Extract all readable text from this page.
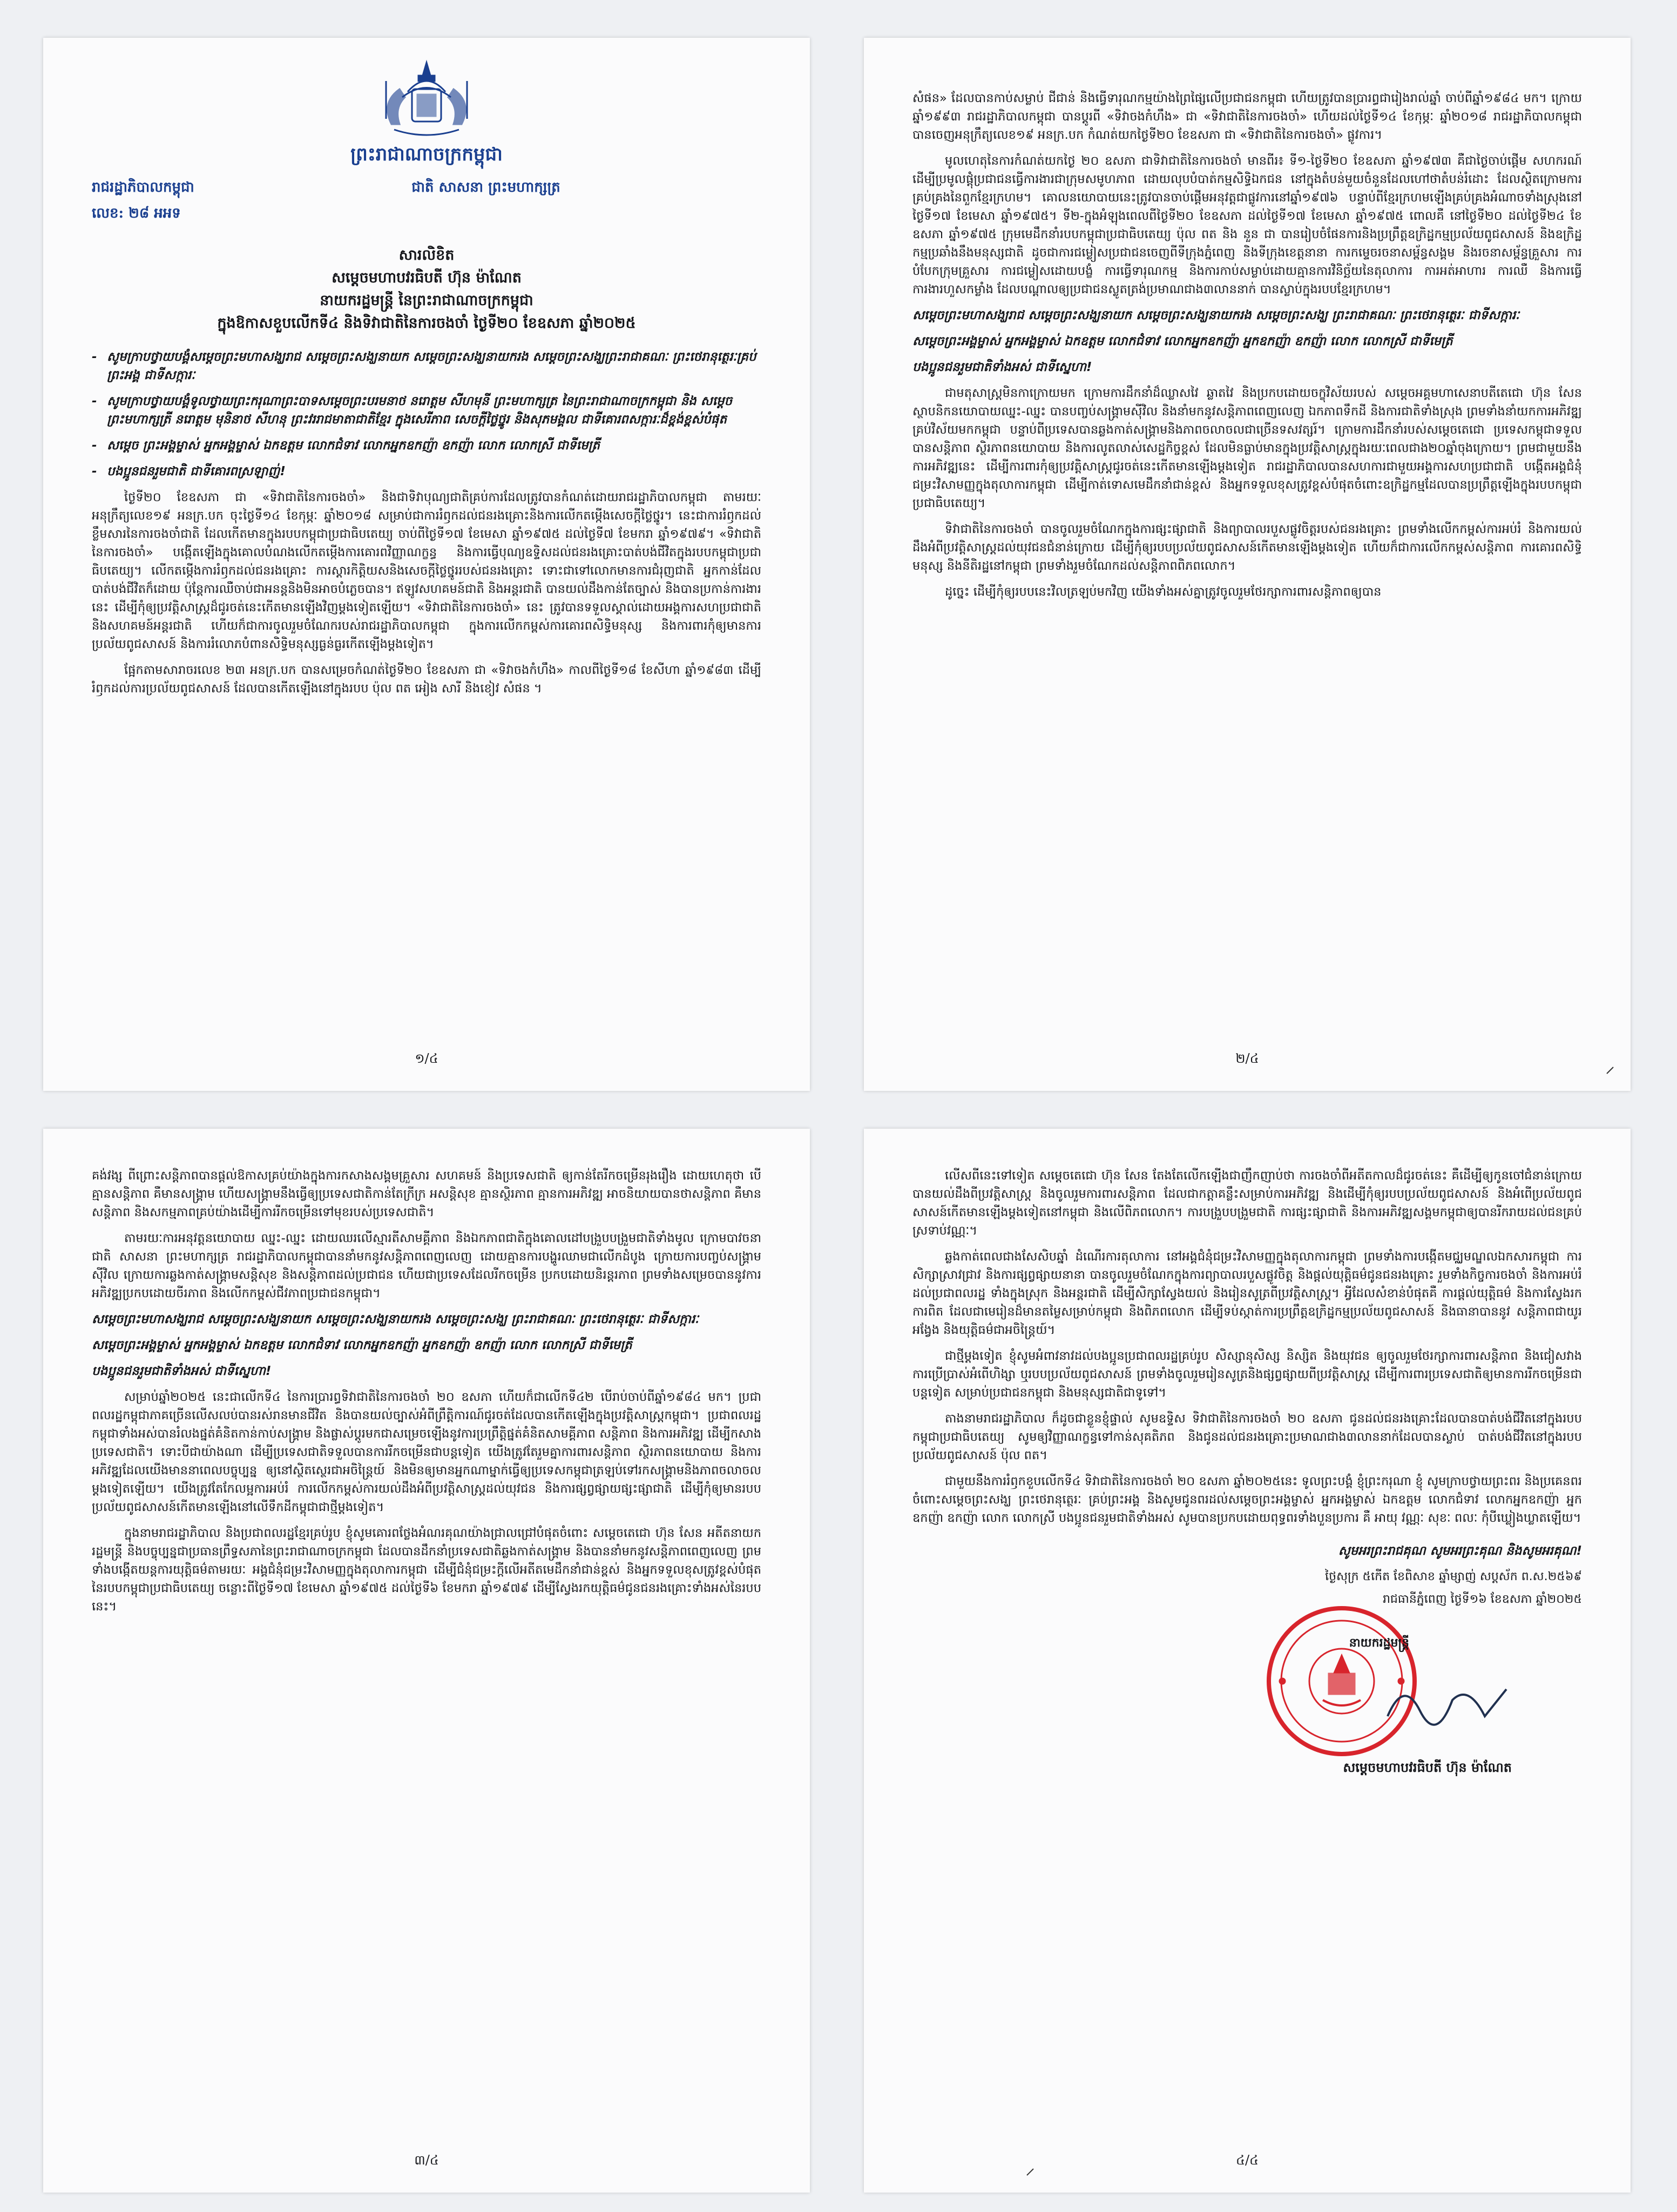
ព្រះរាជាណាចក្រកម្ពុជា
រាជរដ្ឋាភិបាលកម្ពុជា
លេខ: ២៨ អអទ
ជាតិ សាសនា ព្រះមហាក្សត្រ
សារលិខិត
សម្តេចមហាបវរធិបតី ហ៊ុន ម៉ាណែត
នាយករដ្ឋមន្ត្រី នៃព្រះរាជាណាចក្រកម្ពុជា
ក្នុងឱកាសខួបលើកទី៤ និងទិវាជាតិនៃការចងចាំ ថ្ងៃទី២០ ខែឧសភា ឆ្នាំ២០២៥

- សូមក្រាបថ្វាយបង្គំសម្តេចព្រះមហាសង្ឃរាជ សម្តេចព្រះសង្ឃនាយក សម្តេចព្រះសង្ឃនាយករង សម្តេចព្រះសង្ឃព្រះរាជាគណៈ ព្រះថេរានុត្ថេរៈគ្រប់ព្រះអង្គ ជាទីសក្ការៈ

- សូមក្រាបថ្វាយបង្គំទូលថ្វាយព្រះករុណាព្រះបាទសម្តេចព្រះបរមនាថ នរោត្តម សីហមុនី ព្រះមហាក្សត្រ នៃព្រះរាជាណាចក្រកម្ពុជា និង សម្តេចព្រះមហាក្សត្រី នរោត្តម មុនិនាថ សីហនុ ព្រះវររាជមាតាជាតិខ្មែរ ក្នុងសេរីភាព សេចក្តីថ្លៃថ្នូរ និងសុភមង្គល ជាទីគោរពសក្ការៈដ៏ខ្ពង់ខ្ពស់បំផុត

- សម្តេច ព្រះអង្គម្ចាស់ អ្នកអង្គម្ចាស់ ឯកឧត្តម លោកជំទាវ លោកអ្នកឧកញ៉ា ឧកញ៉ា លោក លោកស្រី ជាទីមេត្រី

- បងប្អូនជនរួមជាតិ ជាទីគោរពស្រឡាញ់!

ថ្ងៃទី២០ ខែឧសភា ជា «ទិវាជាតិនៃការចងចាំ» និងជាទិវាបុណ្យជាតិគ្រប់ការដែលត្រូវបានកំណត់ដោយរាជរដ្ឋាភិបាលកម្ពុជា តាមរយៈអនុក្រឹត្យលេខ១៩ អនក្រ.បក ចុះថ្ងៃទី១៤ ខែកុម្ភៈ ឆ្នាំ២០១៨ សម្រាប់ជាការរំឭកដល់ជនរងគ្រោះនិងការលើកតម្កើងសេចក្តីថ្លៃថ្នូរ។ នេះជាការរំឭកដល់ខ្លឹមសារនៃការចងចាំជាតិ ដែលកើតមានក្នុងរបបកម្ពុជាប្រជាធិបតេយ្យ ចាប់ពីថ្ងៃទី១៧ ខែមេសា ឆ្នាំ១៩៧៥ ដល់ថ្ងៃទី៧ ខែមករា ឆ្នាំ១៩៧៩។ «ទិវាជាតិនៃការចងចាំ» បង្កើតឡើងក្នុងគោលបំណងលើកតម្កើងការគោរពវិញ្ញាណក្ខន្ធ និងការធ្វើបុណ្យឧទ្ទិសដល់ជនរងគ្រោះបាត់បង់ជីវិតក្នុងរបបកម្ពុជាប្រជាធិបតេយ្យ។ លើកតម្កើងការរំឭកដល់ជនរងគ្រោះ ការស្តារកិត្តិយសនិងសេចក្តីថ្លៃថ្នូររបស់ជនរងគ្រោះ ទោះជាទៅលោកមានការជំរុញជាតិ អ្នកកាន់ដែលបាត់បង់ជីវិតក៏ដោយ ប៉ុន្តែការឈឺចាប់ជាអនន្តនិងមិនអាចបំភ្លេចបាន។ ឥឡូវសហគមន៍ជាតិ និងអន្តរជាតិ បានយល់ដឹងកាន់តែច្បាស់ និងបានប្រកាន់ការងារនេះ ដើម្បីកុំឲ្យប្រវត្តិសាស្ត្រដ៏ជូរចត់នេះកើតមានឡើងវិញម្តងទៀតឡើយ។ «ទិវាជាតិនៃការចងចាំ» នេះ ត្រូវបានទទួលស្គាល់ដោយអង្គការសហប្រជាជាតិ និងសហគមន៍អន្តរជាតិ ហើយក៏ជាការចូលរួមចំណែករបស់រាជរដ្ឋាភិបាលកម្ពុជា ក្នុងការលើកកម្ពស់ការគោរពសិទ្ធិមនុស្ស និងការពារកុំឲ្យមានការប្រល័យពូជសាសន៍ និងការរំលោភបំពានសិទ្ធិមនុស្សធ្ងន់ធ្ងរកើតឡើងម្តងទៀត។

ផ្អែកតាមសារាចរលេខ ២៣ អនក្រ.បក បានសម្រេចកំណត់ថ្ងៃទី២០ ខែឧសភា ជា «ទិវាចងកំហឹង» កាលពីថ្ងៃទី១៨ ខែសីហា ឆ្នាំ១៩៨៣ ដើម្បីរំឭកដល់ការប្រល័យពូជសាសន៍ ដែលបានកើតឡើងនៅក្នុងរបប ប៉ុល ពត អៀង សារី និងខៀវ សំផន ។

១/៤

សំផន» ដែលបានកាប់សម្លាប់ ជីជាន់ និងធ្វើទារុណកម្មយ៉ាងព្រៃផ្សៃលើប្រជាជនកម្ពុជា ហើយត្រូវបានប្រារព្ធជារៀងរាល់ឆ្នាំ ចាប់ពីឆ្នាំ១៩៨៤ មក។ ក្រោយឆ្នាំ១៩៩៣ រាជរដ្ឋាភិបាលកម្ពុជា បានប្តូរពី «ទិវាចងកំហឹង» ជា «ទិវាជាតិនៃការចងចាំ» ហើយដល់ថ្ងៃទី១៤ ខែកុម្ភៈ ឆ្នាំ២០១៨ រាជរដ្ឋាភិបាលកម្ពុជា បានចេញអនុក្រឹត្យលេខ១៩ អនក្រ.បក កំណត់យកថ្ងៃទី២០ ខែឧសភា ជា «ទិវាជាតិនៃការចងចាំ» ផ្លូវការ។

មូលហេតុនៃការកំណត់យកថ្ងៃ ២០ ឧសភា ជាទិវាជាតិនៃការចងចាំ មានពីរ៖ ទី១-ថ្ងៃទី២០ ខែឧសភា ឆ្នាំ១៩៧៣ គឺជាថ្ងៃចាប់ផ្តើម សហករណ៍ ដើម្បីប្រមូលផ្តុំប្រជាជនធ្វើការងារជាក្រុមសមូហភាព ដោយលុបបំបាត់កម្មសិទ្ធិឯកជន នៅក្នុងតំបន់មួយចំនួនដែលហៅថាតំបន់រំដោះ ដែលស្ថិតក្រោមការគ្រប់គ្រងនៃពួកខ្មែរក្រហម។ គោលនយោបាយនេះត្រូវបានចាប់ផ្តើមអនុវត្តជាផ្លូវការនៅឆ្នាំ១៩៧៦ បន្ទាប់ពីខ្មែរក្រហមឡើងគ្រប់គ្រងអំណាចទាំងស្រុងនៅថ្ងៃទី១៧ ខែមេសា ឆ្នាំ១៩៧៥។ ទី២-ក្នុងអំឡុងពេលពីថ្ងៃទី២០ ខែឧសភា ដល់ថ្ងៃទី១៧ ខែមេសា ឆ្នាំ១៩៧៥ ពោលគឺ នៅថ្ងៃទី២០ ដល់ថ្ងៃទី២៤ ខែឧសភា ឆ្នាំ១៩៧៥ ក្រុមមេដឹកនាំរបបកម្ពុជាប្រជាធិបតេយ្យ ប៉ុល ពត និង នួន ជា បានរៀបចំផែនការនិងប្រព្រឹត្តឧក្រិដ្ឋកម្មប្រល័យពូជសាសន៍ និងឧក្រិដ្ឋកម្មប្រឆាំងនឹងមនុស្សជាតិ ដូចជាការជម្លៀសប្រជាជនចេញពីទីក្រុងភ្នំពេញ និងទីក្រុងខេត្តនានា ការកម្ទេចរចនាសម្ព័ន្ធសង្គម និងរចនាសម្ព័ន្ធគ្រួសារ ការបំបែកក្រុមគ្រួសារ ការជម្លៀសដោយបង្ខំ ការធ្វើទារុណកម្ម និងការកាប់សម្លាប់ដោយគ្មានការវិនិច្ឆ័យនៃតុលាការ ការអត់អាហារ ការឈឺ និងការធ្វើការងារហួសកម្លាំង ដែលបណ្តាលឲ្យប្រជាជនស្លូតត្រង់ប្រមាណជាង៣លាននាក់ បានស្លាប់ក្នុងរបបខ្មែរក្រហម។

សម្តេចព្រះមហាសង្ឃរាជ សម្តេចព្រះសង្ឃនាយក សម្តេចព្រះសង្ឃនាយករង សម្តេចព្រះសង្ឃ ព្រះរាជាគណៈ ព្រះថេរានុត្ថេរៈ ជាទីសក្ការៈ

សម្តេចព្រះអង្គម្ចាស់ អ្នកអង្គម្ចាស់ ឯកឧត្តម លោកជំទាវ លោកអ្នកឧកញ៉ា អ្នកឧកញ៉ា ឧកញ៉ា លោក លោកស្រី ជាទីមេត្រី

បងប្អូនជនរួមជាតិទាំងអស់ ជាទីស្នេហា!

ជាមតុសាស្ត្រមិនកាក្រោយមក ក្រោមការដឹកនាំដ៏ឈ្លាសវៃ ឆ្លាតវៃ និងប្រកបដោយចក្ខុវិស័យរបស់ សម្តេចអគ្គមហាសេនាបតីតេជោ ហ៊ុន សែន ស្ថាបនិកនយោបាយឈ្នះ-ឈ្នះ បានបញ្ចប់សង្គ្រាមស៊ីវិល និងនាំមកនូវសន្តិភាពពេញលេញ ឯកភាពទឹកដី និងការជាតិទាំងស្រុង ព្រមទាំងនាំយកការអភិវឌ្ឍគ្រប់វិស័យមកកម្ពុជា បន្ទាប់ពីប្រទេសបានឆ្លងកាត់សង្គ្រាមនិងភាពចលាចលជាច្រើនទសវត្សរ៍។ ក្រោមការដឹកនាំរបស់សម្តេចតេជោ ប្រទេសកម្ពុជាទទួលបានសន្តិភាព ស្ថិរភាពនយោបាយ និងការលូតលាស់សេដ្ឋកិច្ចខ្ពស់ ដែលមិនធ្លាប់មានក្នុងប្រវត្តិសាស្ត្រក្នុងរយៈពេលជាង២០ឆ្នាំចុងក្រោយ។ ព្រមជាមួយនឹងការអភិវឌ្ឍនេះ ដើម្បីការពារកុំឲ្យប្រវត្តិសាស្ត្រជូរចត់នេះកើតមានឡើងម្តងទៀត រាជរដ្ឋាភិបាលបានសហការជាមួយអង្គការសហប្រជាជាតិ បង្កើតអង្គជំនុំជម្រះវិសាមញ្ញក្នុងតុលាការកម្ពុជា ដើម្បីកាត់ទោសមេដឹកនាំជាន់ខ្ពស់ និងអ្នកទទួលខុសត្រូវខ្ពស់បំផុតចំពោះឧក្រិដ្ឋកម្មដែលបានប្រព្រឹត្តឡើងក្នុងរបបកម្ពុជាប្រជាធិបតេយ្យ។

ទិវាជាតិនៃការចងចាំ បានចូលរួមចំណែកក្នុងការផ្សះផ្សាជាតិ និងព្យាបាលរបួសផ្លូវចិត្តរបស់ជនរងគ្រោះ ព្រមទាំងលើកកម្ពស់ការអប់រំ និងការយល់ដឹងអំពីប្រវត្តិសាស្ត្រដល់យុវជនជំនាន់ក្រោយ ដើម្បីកុំឲ្យរបបប្រល័យពូជសាសន៍កើតមានឡើងម្តងទៀត ហើយក៏ជាការលើកកម្ពស់សន្តិភាព ការគោរពសិទ្ធិមនុស្ស និងនីតិរដ្ឋនៅកម្ពុជា ព្រមទាំងរួមចំណែកដល់សន្តិភាពពិភពលោក។

ដូច្នេះ ដើម្បីកុំឲ្យរបបនេះវិលត្រឡប់មកវិញ យើងទាំងអស់គ្នាត្រូវចូលរួមថែរក្សាការពារសន្តិភាពឲ្យបាន

២/៤

គង់វង្ស ពីព្រោះសន្តិភាពបានផ្តល់ឱកាសគ្រប់យ៉ាងក្នុងការកសាងសង្គមគ្រួសារ សហគមន៍ និងប្រទេសជាតិ ឲ្យកាន់តែរីកចម្រើនរុងរឿង ដោយហេតុថា បើគ្មានសន្តិភាព គឺមានសង្គ្រាម ហើយសង្គ្រាមនឹងធ្វើឲ្យប្រទេសជាតិកាន់តែក្រីក្រ អសន្តិសុខ គ្មានស្ថិរភាព គ្មានការអភិវឌ្ឍ អាចនិយាយបានថាសន្តិភាព គឺមានសន្តិភាព និងសកម្មភាពគ្រប់យ៉ាងដើម្បីការរីកចម្រើនទៅមុខរបស់ប្រទេសជាតិ។

តាមរយៈការអនុវត្តនយោបាយ ឈ្នះ-ឈ្នះ ដោយឈរលើស្មារតីសាមគ្គីភាព និងឯកភាពជាតិក្នុងគោលដៅបង្រួបបង្រួមជាតិទាំងមូល ក្រោមបាវចនា ជាតិ សាសនា ព្រះមហាក្សត្រ រាជរដ្ឋាភិបាលកម្ពុជាបាននាំមកនូវសន្តិភាពពេញលេញ ដោយគ្មានការបង្ហូរឈាមជាលើកដំបូង ក្រោយការបញ្ចប់សង្គ្រាមស៊ីវិល ក្រោយការឆ្លងកាត់សង្គ្រាមសន្តិសុខ និងសន្តិភាពដល់ប្រជាជន ហើយជាប្រទេសដែលរីកចម្រើន ប្រកបដោយនិរន្តរភាព ព្រមទាំងសម្រេចបាននូវការអភិវឌ្ឍប្រកបដោយចីរភាព និងលើកកម្ពស់ជីវភាពប្រជាជនកម្ពុជា។

សម្តេចព្រះមហាសង្ឃរាជ សម្តេចព្រះសង្ឃនាយក សម្តេចព្រះសង្ឃនាយករង សម្តេចព្រះសង្ឃ ព្រះរាជាគណៈ ព្រះថេរានុត្ថេរៈ ជាទីសក្ការៈ

សម្តេចព្រះអង្គម្ចាស់ អ្នកអង្គម្ចាស់ ឯកឧត្តម លោកជំទាវ លោកអ្នកឧកញ៉ា អ្នកឧកញ៉ា ឧកញ៉ា លោក លោកស្រី ជាទីមេត្រី

បងប្អូនជនរួមជាតិទាំងអស់ ជាទីស្នេហា!

សម្រាប់ឆ្នាំ២០២៥ នេះជាលើកទី៤ នៃការប្រារព្ធទិវាជាតិនៃការចងចាំ ២០ ឧសភា ហើយក៏ជាលើកទី៤២ បើរាប់ចាប់ពីឆ្នាំ១៩៨៤ មក។ ប្រជាពលរដ្ឋកម្ពុជាភាគច្រើនលើសលប់បានរស់រានមានជីវិត និងបានយល់ច្បាស់អំពីព្រឹត្តិការណ៍ជូរចត់ដែលបានកើតឡើងក្នុងប្រវត្តិសាស្ត្រកម្ពុជា។ ប្រជាពលរដ្ឋកម្ពុជាទាំងអស់បានរំលងផ្នត់គំនិតកាន់កាប់សង្គ្រាម និងផ្លាស់ប្តូរមកជាសម្រេចឡើងនូវការប្រព្រឹត្តិផ្នត់គំនិតសាមគ្គីភាព សន្តិភាព និងការអភិវឌ្ឍ ដើម្បីកសាងប្រទេសជាតិ។ ទោះបីជាយ៉ាងណា ដើម្បីប្រទេសជាតិទទួលបានការរីកចម្រើនជាបន្តទៀត យើងត្រូវតែរួមគ្នាការពារសន្តិភាព ស្ថិរភាពនយោបាយ និងការអភិវឌ្ឍដែលយើងមាននាពេលបច្ចុប្បន្ន ឲ្យនៅស្ថិតស្ថេរជាអចិន្ត្រៃយ៍ និងមិនឲ្យមានអ្នកណាម្នាក់ធ្វើឲ្យប្រទេសកម្ពុជាត្រឡប់ទៅរកសង្គ្រាមនិងភាពចលាចលម្តងទៀតឡើយ។ យើងត្រូវតែកែលម្អការអប់រំ ការលើកកម្ពស់ការយល់ដឹងអំពីប្រវត្តិសាស្ត្រដល់យុវជន និងការផ្សព្វផ្សាយផ្សះផ្សាជាតិ ដើម្បីកុំឲ្យមានរបបប្រល័យពូជសាសន៍កើតមានឡើងនៅលើទឹកដីកម្ពុជាជាថ្មីម្តងទៀត។

ក្នុងនាមរាជរដ្ឋាភិបាល និងប្រជាពលរដ្ឋខ្មែរគ្រប់រូប ខ្ញុំសូមគោរពថ្លែងអំណរគុណយ៉ាងជ្រាលជ្រៅបំផុតចំពោះ សម្តេចតេជោ ហ៊ុន សែន អតីតនាយករដ្ឋមន្ត្រី និងបច្ចុប្បន្នជាប្រធានព្រឹទ្ធសភានៃព្រះរាជាណាចក្រកម្ពុជា ដែលបានដឹកនាំប្រទេសជាតិឆ្លងកាត់សង្គ្រាម និងបាននាំមកនូវសន្តិភាពពេញលេញ ព្រមទាំងបង្កើតយន្តការយុត្តិធម៌តាមរយៈ អង្គជំនុំជម្រះវិសាមញ្ញក្នុងតុលាការកម្ពុជា ដើម្បីជំនុំជម្រះក្តីលើអតីតមេដឹកនាំជាន់ខ្ពស់ និងអ្នកទទួលខុសត្រូវខ្ពស់បំផុតនៃរបបកម្ពុជាប្រជាធិបតេយ្យ ចន្លោះពីថ្ងៃទី១៧ ខែមេសា ឆ្នាំ១៩៧៥ ដល់ថ្ងៃទី៦ ខែមករា ឆ្នាំ១៩៧៩ ដើម្បីស្វែងរកយុត្តិធម៌ជូនជនរងគ្រោះទាំងអស់នៃរបបនេះ។

៣/៤

លើសពីនេះទៅទៀត សម្តេចតេជោ ហ៊ុន សែន តែងតែលើកឡើងជាញឹកញាប់ថា ការចងចាំពីអតីតកាលដ៏ជូរចត់នេះ គឺដើម្បីឲ្យកូនចៅជំនាន់ក្រោយបានយល់ដឹងពីប្រវត្តិសាស្ត្រ និងចូលរួមការពារសន្តិភាព ដែលជាកត្តាគន្លឹះសម្រាប់ការអភិវឌ្ឍ និងដើម្បីកុំឲ្យរបបប្រល័យពូជសាសន៍ និងអំពើប្រល័យពូជសាសន៍កើតមានឡើងម្តងទៀតនៅកម្ពុជា និងលើពិភពលោក។ ការបង្រួបបង្រួមជាតិ ការផ្សះផ្សាជាតិ និងការអភិវឌ្ឍសង្គមកម្ពុជាឲ្យបានរីករាយដល់ជនគ្រប់ស្រទាប់វណ្ណៈ។

ឆ្លងកាត់ពេលជាងសែសិបឆ្នាំ ដំណើរការតុលាការ នៅអង្គជំនុំជម្រះវិសាមញ្ញក្នុងតុលាការកម្ពុជា ព្រមទាំងការបង្កើតមជ្ឈមណ្ឌលឯកសារកម្ពុជា ការសិក្សាស្រាវជ្រាវ និងការផ្សព្វផ្សាយនានា បានចូលរួមចំណែកក្នុងការព្យាបាលរបួសផ្លូវចិត្ត និងផ្តល់យុត្តិធម៌ជូនជនរងគ្រោះ រួមទាំងកិច្ចការចងចាំ និងការអប់រំដល់ប្រជាពលរដ្ឋ ទាំងក្នុងស្រុក និងអន្តរជាតិ ដើម្បីសិក្សាស្វែងយល់ និងរៀនសូត្រពីប្រវត្តិសាស្ត្រ។ អ្វីដែលសំខាន់បំផុតគឺ ការផ្តល់យុត្តិធម៌ និងការស្វែងរកការពិត ដែលជាមេរៀនដ៏មានតម្លៃសម្រាប់កម្ពុជា និងពិភពលោក ដើម្បីទប់ស្កាត់ការប្រព្រឹត្តឧក្រិដ្ឋកម្មប្រល័យពូជសាសន៍ និងធានាបាននូវ សន្តិភាពជាយូរអង្វែង និងយុត្តិធម៌ជាអចិន្ត្រៃយ៍។

ជាថ្មីម្តងទៀត ខ្ញុំសូមអំពាវនាវដល់បងប្អូនប្រជាពលរដ្ឋគ្រប់រូប សិស្សានុសិស្ស និស្សិត និងយុវជន ឲ្យចូលរួមថែរក្សាការពារសន្តិភាព និងជៀសវាងការប្រើប្រាស់អំពើហិង្សា ឬរបបប្រល័យពូជសាសន៍ ព្រមទាំងចូលរួមរៀនសូត្រនិងផ្សព្វផ្សាយពីប្រវត្តិសាស្ត្រ ដើម្បីការពារប្រទេសជាតិឲ្យមានការរីកចម្រើនជាបន្តទៀត សម្រាប់ប្រជាជនកម្ពុជា និងមនុស្សជាតិជាទូទៅ។

តាងនាមរាជរដ្ឋាភិបាល ក៏ដូចជាខ្លួនខ្ញុំផ្ទាល់ សូមឧទ្ទិស ទិវាជាតិនៃការចងចាំ ២០ ឧសភា ជូនដល់ជនរងគ្រោះដែលបានបាត់បង់ជីវិតនៅក្នុងរបបកម្ពុជាប្រជាធិបតេយ្យ សូមឲ្យវិញ្ញាណក្ខន្ធទៅកាន់សុគតិភព និងជូនដល់ជនរងគ្រោះប្រមាណជាង៣លាននាក់ដែលបានស្លាប់ បាត់បង់ជីវិតនៅក្នុងរបបប្រល័យពូជសាសន៍ ប៉ុល ពត។

ជាមួយនឹងការរំឭកខួបលើកទី៤ ទិវាជាតិនៃការចងចាំ ២០ ឧសភា ឆ្នាំ២០២៥នេះ ទូលព្រះបង្គំ ខ្ញុំព្រះករុណា ខ្ញុំ សូមក្រាបថ្វាយព្រះពរ និងប្រគេនពរចំពោះសម្តេចព្រះសង្ឃ ព្រះថេរានុត្ថេរៈ គ្រប់ព្រះអង្គ និងសូមជូនពរដល់សម្តេចព្រះអង្គម្ចាស់ អ្នកអង្គម្ចាស់ ឯកឧត្តម លោកជំទាវ លោកអ្នកឧកញ៉ា អ្នកឧកញ៉ា ឧកញ៉ា លោក លោកស្រី បងប្អូនជនរួមជាតិទាំងអស់ សូមបានប្រកបដោយពុទ្ធពរទាំងបួនប្រការ គឺ អាយុ វណ្ណៈ សុខៈ ពលៈ កុំបីឃ្លៀងឃ្លាតឡើយ។

សូមអរព្រះរាជគុណ សូមអរព្រះគុណ និងសូមអរគុណ!
ថ្ងៃសុក្រ ៥កើត ខែពិសាខ ឆ្នាំម្សាញ់ សប្តស័ក ព.ស.២៥៦៩
រាជធានីភ្នំពេញ ថ្ងៃទី១៦ ខែឧសភា ឆ្នាំ២០២៥
នាយករដ្ឋមន្ត្រី
សម្តេចមហាបវរធិបតី ហ៊ុន ម៉ាណែត
៤/៤
